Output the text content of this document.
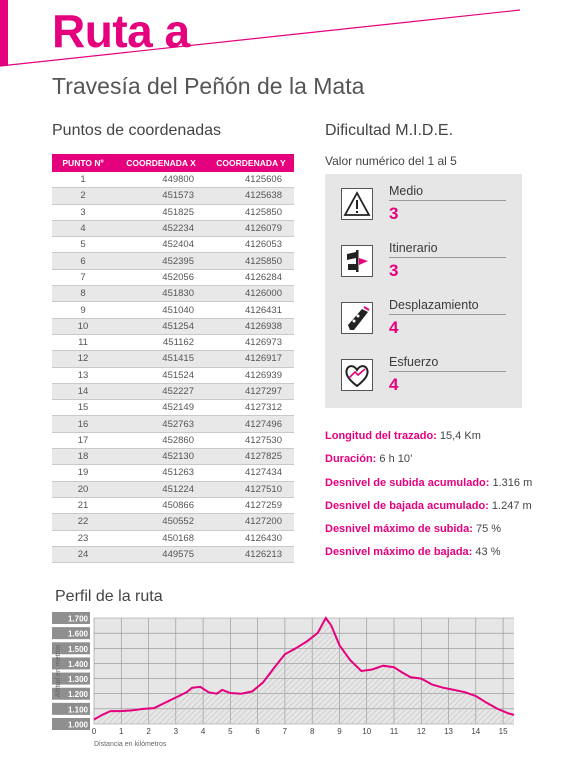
Ruta a
Travesía del Peñón de la Mata
Puntos de coordenadas
PUNTO Nº	COORDENADA X	COORDENADA Y
1	449800	4125606
2	451573	4125638
3	451825	4125850
4	452234	4126079
5	452404	4126053
6	452395	4125850
7	452056	4126284
8	451830	4126000
9	451040	4126431
10	451254	4126938
11	451162	4126973
12	451415	4126917
13	451524	4126939
14	452227	4127297
15	452149	4127312
16	452763	4127496
17	452860	4127530
18	452130	4127825
19	451263	4127434
20	451224	4127510
21	450866	4127259
22	450552	4127200
23	450168	4126430
24	449575	4126213
Dificultad M.I.D.E.
Valor numérico del 1 al 5
Medio
3
Itinerario
3
Desplazamiento
4
Esfuerzo
4
Longitud del trazado: 15,4 Km
Duración: 6 h 10’
Desnivel de subida acumulado: 1.316 m
Desnivel de bajada acumulado: 1.247 m
Desnivel máximo de subida: 75 %
Desnivel máximo de bajada: 43 %
Perfil de la ruta
1.700
1.600
1.500
1.400
1.300
1.200
1.100
1.000
0	1	2	3	4	5	6	7	8	9	10 11 12 13 14 15
Altitud en metros
Distancia en kilómetros
